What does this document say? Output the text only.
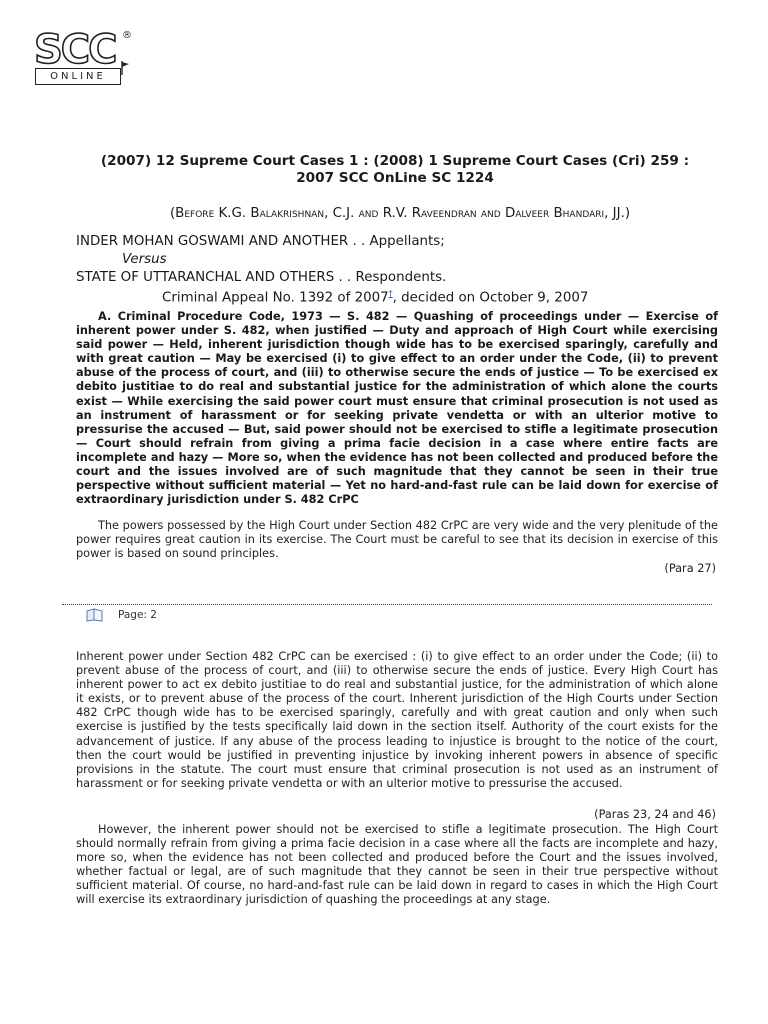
SCC ®
ONLINE
(2007) 12 Supreme Court Cases 1 : (2008) 1 Supreme Court Cases (Cri) 259 :
2007 SCC OnLine SC 1224
(Before K.G. Balakrishnan, C.J. and R.V. Raveendran and Dalveer Bhandari, JJ.)
INDER MOHAN GOSWAMI AND ANOTHER . . Appellants;
Versus
STATE OF UTTARANCHAL AND OTHERS . . Respondents.
Criminal Appeal No. 1392 of 2007†, decided on October 9, 2007
A. Criminal Procedure Code, 1973 — S. 482 — Quashing of proceedings under — Exercise of inherent power under S. 482, when justified — Duty and approach of High Court while exercising said power — Held, inherent jurisdiction though wide has to be exercised sparingly, carefully and with great caution — May be exercised (i) to give effect to an order under the Code, (ii) to prevent abuse of the process of court, and (iii) to otherwise secure the ends of justice — To be exercised ex debito justitiae to do real and substantial justice for the administration of which alone the courts exist — While exercising the said power court must ensure that criminal prosecution is not used as an instrument of harassment or for seeking private vendetta or with an ulterior motive to pressurise the accused — But, said power should not be exercised to stifle a legitimate prosecution — Court should refrain from giving a prima facie decision in a case where entire facts are incomplete and hazy — More so, when the evidence has not been collected and produced before the court and the issues involved are of such magnitude that they cannot be seen in their true perspective without sufficient material — Yet no hard-and-fast rule can be laid down for exercise of extraordinary jurisdiction under S. 482 CrPC
The powers possessed by the High Court under Section 482 CrPC are very wide and the very plenitude of the power requires great caution in its exercise. The Court must be careful to see that its decision in exercise of this power is based on sound principles.
(Para 27)
Page: 2
Inherent power under Section 482 CrPC can be exercised : (i) to give effect to an order under the Code; (ii) to prevent abuse of the process of court, and (iii) to otherwise secure the ends of justice. Every High Court has inherent power to act ex debito justitiae to do real and substantial justice, for the administration of which alone it exists, or to prevent abuse of the process of the court. Inherent jurisdiction of the High Courts under Section 482 CrPC though wide has to be exercised sparingly, carefully and with great caution and only when such exercise is justified by the tests specifically laid down in the section itself. Authority of the court exists for the advancement of justice. If any abuse of the process leading to injustice is brought to the notice of the court, then the court would be justified in preventing injustice by invoking inherent powers in absence of specific provisions in the statute. The court must ensure that criminal prosecution is not used as an instrument of harassment or for seeking private vendetta or with an ulterior motive to pressurise the accused.
(Paras 23, 24 and 46)
However, the inherent power should not be exercised to stifle a legitimate prosecution. The High Court should normally refrain from giving a prima facie decision in a case where all the facts are incomplete and hazy, more so, when the evidence has not been collected and produced before the Court and the issues involved, whether factual or legal, are of such magnitude that they cannot be seen in their true perspective without sufficient material. Of course, no hard-and-fast rule can be laid down in regard to cases in which the High Court will exercise its extraordinary jurisdiction of quashing the proceedings at any stage.
